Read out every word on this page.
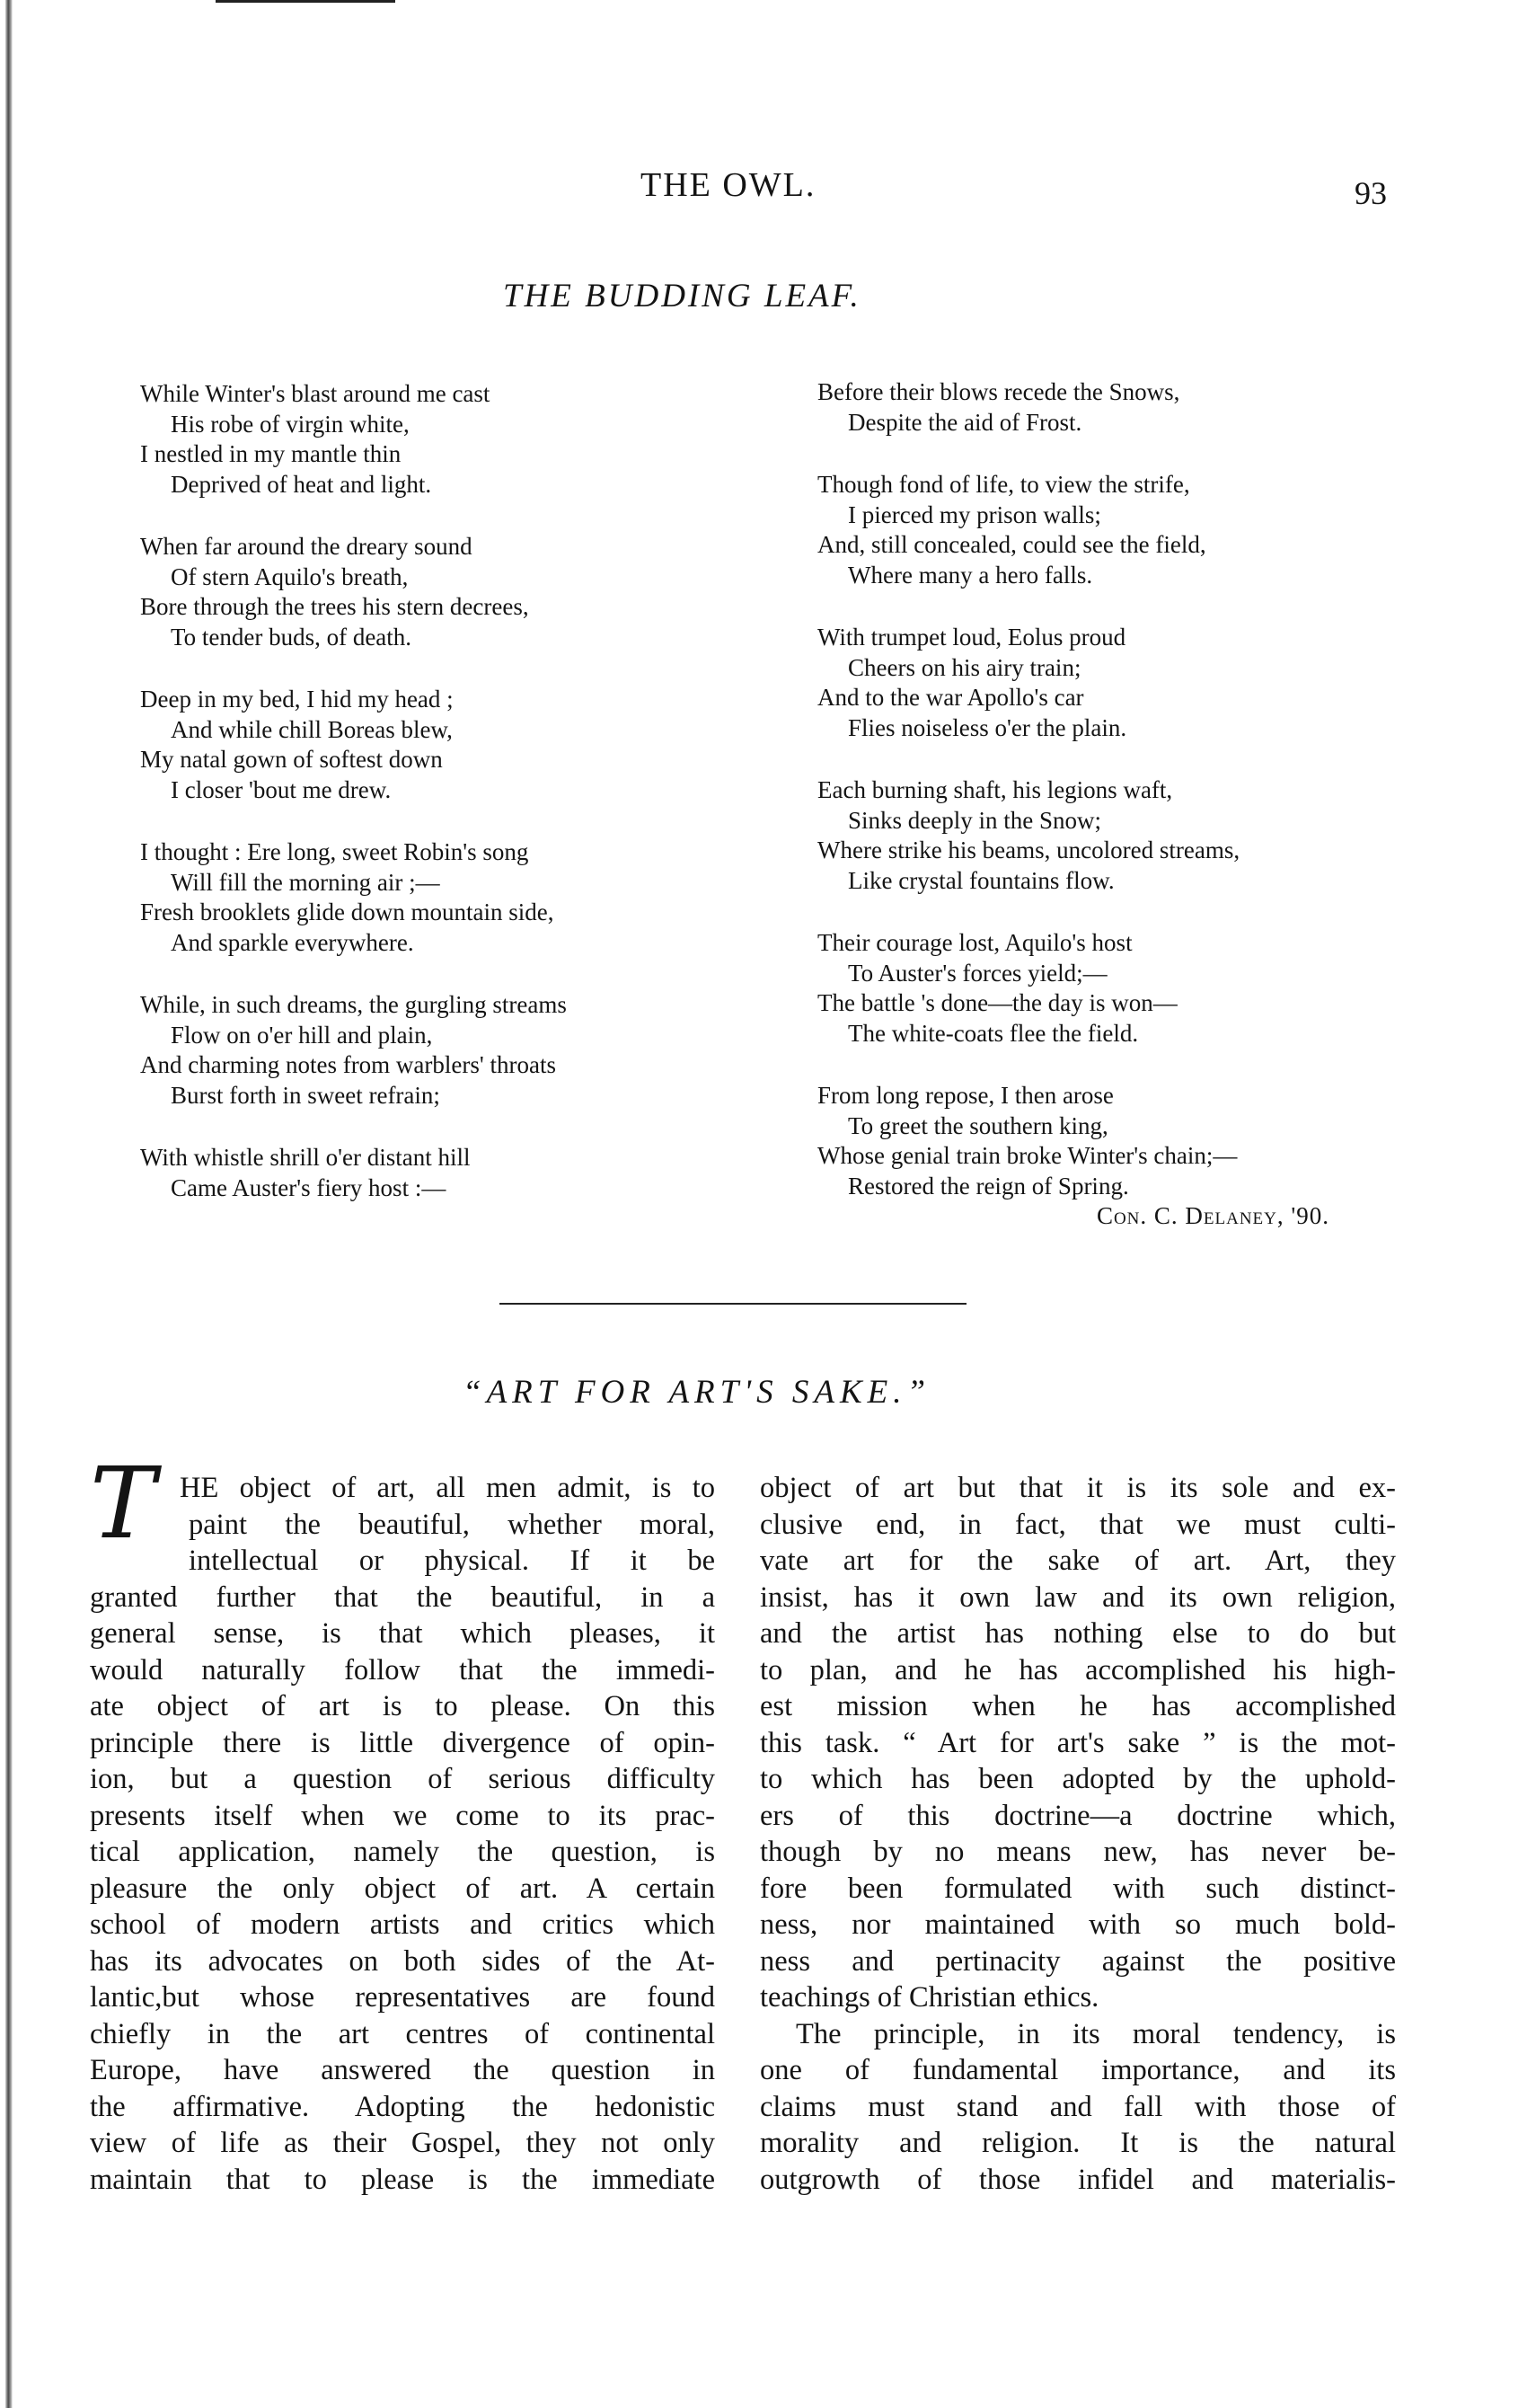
THE OWL.	93
THE BUDDING LEAF.
While Winter's blast around me cast
His robe of virgin white,
I nestled in my mantle thin
Deprived of heat and light.
When far around the dreary sound
Of stern Aquilo's breath,
Bore through the trees his stern decrees,
To tender buds, of death.
Deep in my bed, I hid my head ;
And while chill Boreas blew,
My natal gown of softest down
I closer 'bout me drew.
I thought : Ere long, sweet Robin's song
Will fill the morning air ;—
Fresh brooklets glide down mountain side,
And sparkle everywhere.
While, in such dreams, the gurgling streams
Flow on o'er hill and plain,
And charming notes from warblers' throats
Burst forth in sweet refrain;
With whistle shrill o'er distant hill
Came Auster's fiery host :—
Before their blows recede the Snows,
Despite the aid of Frost.
Though fond of life, to view the strife,
I pierced my prison walls;
And, still concealed, could see the field,
Where many a hero falls.
With trumpet loud, Eolus proud
Cheers on his airy train;
And to the war Apollo's car
Flies noiseless o'er the plain.
Each burning shaft, his legions waft,
Sinks deeply in the Snow;
Where strike his beams, uncolored streams,
Like crystal fountains flow.
Their courage lost, Aquilo's host
To Auster's forces yield;—
The battle 's done—the day is won—
The white-coats flee the field.
From long repose, I then arose
To greet the southern king,
Whose genial train broke Winter's chain;—
Restored the reign of Spring.
Con. C. Delaney, '90.
“ART FOR ART'S SAKE.”
T HE object of art, all men admit, is to
paint the beautiful, whether moral,
intellectual or physical. If it be
granted further that the beautiful, in a
general sense, is that which pleases, it
would naturally follow that the immedi-
ate object of art is to please. On this
principle there is little divergence of opin-
ion, but a question of serious difficulty
presents itself when we come to its prac-
tical application, namely the question, is
pleasure the only object of art. A certain
school of modern artists and critics which
has its advocates on both sides of the At-
lantic,but whose representatives are found
chiefly in the art centres of continental
Europe, have answered the question in
the affirmative. Adopting the hedonistic
view of life as their Gospel, they not only
maintain that to please is the immediate
object of art but that it is its sole and ex-
clusive end, in fact, that we must culti-
vate art for the sake of art. Art, they
insist, has it own law and its own religion,
and the artist has nothing else to do but
to plan, and he has accomplished his high-
est mission when he has accomplished
this task. “ Art for art's sake ” is the mot-
to which has been adopted by the uphold-
ers of this doctrine—a doctrine which,
though by no means new, has never be-
fore been formulated with such distinct-
ness, nor maintained with so much bold-
ness and pertinacity against the positive
teachings of Christian ethics.
The principle, in its moral tendency, is
one of fundamental importance, and its
claims must stand and fall with those of
morality and religion. It is the natural
outgrowth of those infidel and materialis-
